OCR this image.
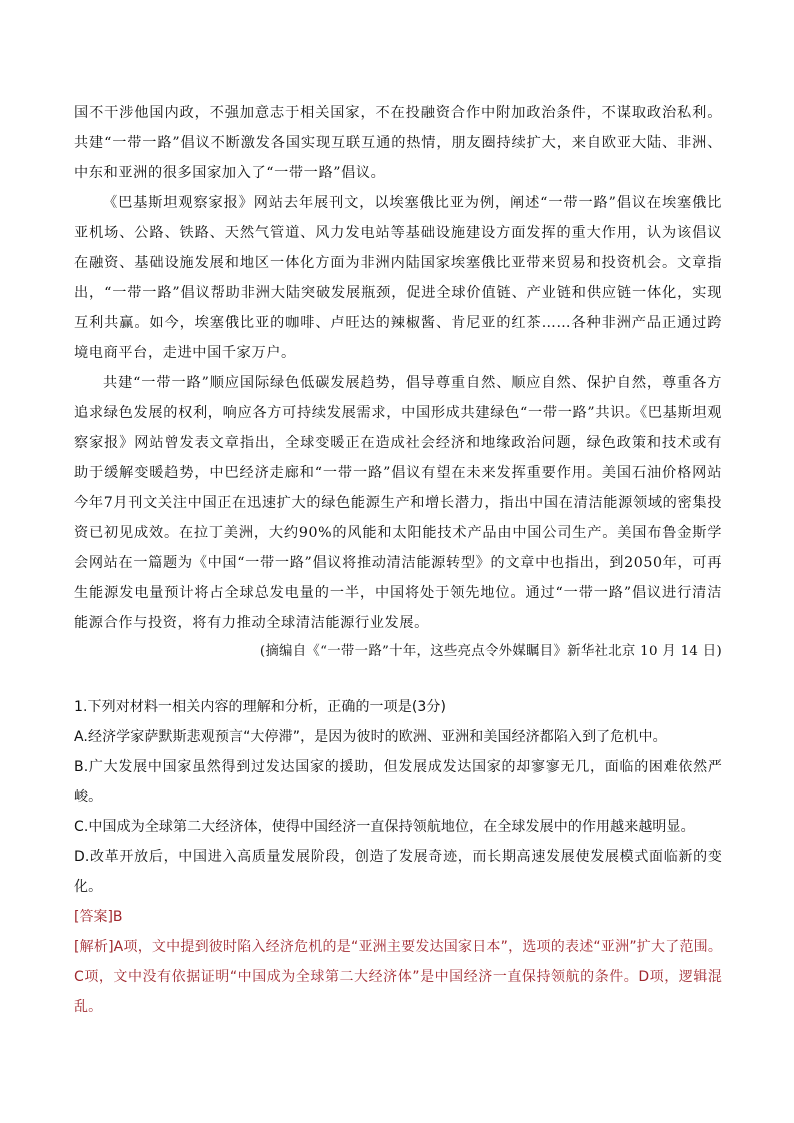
国不干涉他国内政，不强加意志于相关国家，不在投融资合作中附加政治条件，不谋取政治私利。共建“一带一路”倡议不断激发各国实现互联互通的热情，朋友圈持续扩大，来自欧亚大陆、非洲、中东和亚洲的很多国家加入了“一带一路”倡议。

《巴基斯坦观察家报》网站去年展刊文，以埃塞俄比亚为例，阐述“一带一路”倡议在埃塞俄比亚机场、公路、铁路、天然气管道、风力发电站等基础设施建设方面发挥的重大作用，认为该倡议在融资、基础设施发展和地区一体化方面为非洲内陆国家埃塞俄比亚带来贸易和投资机会。文章指出，“一带一路”倡议帮助非洲大陆突破发展瓶颈，促进全球价值链、产业链和供应链一体化，实现互利共赢。如今，埃塞俄比亚的咖啡、卢旺达的辣椒酱、肯尼亚的红茶……各种非洲产品正通过跨境电商平台，走进中国千家万户。

共建“一带一路”顺应国际绿色低碳发展趋势，倡导尊重自然、顺应自然、保护自然，尊重各方追求绿色发展的权利，响应各方可持续发展需求，中国形成共建绿色“一带一路”共识。《巴基斯坦观察家报》网站曾发表文章指出，全球变暖正在造成社会经济和地缘政治问题，绿色政策和技术或有助于缓解变暖趋势，中巴经济走廊和“一带一路”倡议有望在未来发挥重要作用。美国石油价格网站今年7月刊文关注中国正在迅速扩大的绿色能源生产和增长潜力，指出中国在清洁能源领域的密集投资已初见成效。在拉丁美洲，大约90%的风能和太阳能技术产品由中国公司生产。美国布鲁金斯学会网站在一篇题为《中国“一带一路”倡议将推动清洁能源转型》的文章中也指出，到2050年，可再生能源发电量预计将占全球总发电量的一半，中国将处于领先地位。通过“一带一路”倡议进行清洁能源合作与投资，将有力推动全球清洁能源行业发展。

(摘编自《“一带一路”十年，这些亮点令外媒瞩目》新华社北京 10 月 14 日)

1.下列对材料一相关内容的理解和分析，正确的一项是(3分)

A.经济学家萨默斯悲观预言“大停滞”，是因为彼时的欧洲、亚洲和美国经济都陷入到了危机中。

B.广大发展中国家虽然得到过发达国家的援助，但发展成发达国家的却寥寥无几，面临的困难依然严峻。

C.中国成为全球第二大经济体，使得中国经济一直保持领航地位，在全球发展中的作用越来越明显。

D.改革开放后，中国进入高质量发展阶段，创造了发展奇迹，而长期高速发展使发展模式面临新的变化。

[答案]B

[解析]A项，文中提到彼时陷入经济危机的是“亚洲主要发达国家日本”，选项的表述“亚洲”扩大了范围。C项，文中没有依据证明“中国成为全球第二大经济体”是中国经济一直保持领航的条件。D项，逻辑混乱。
